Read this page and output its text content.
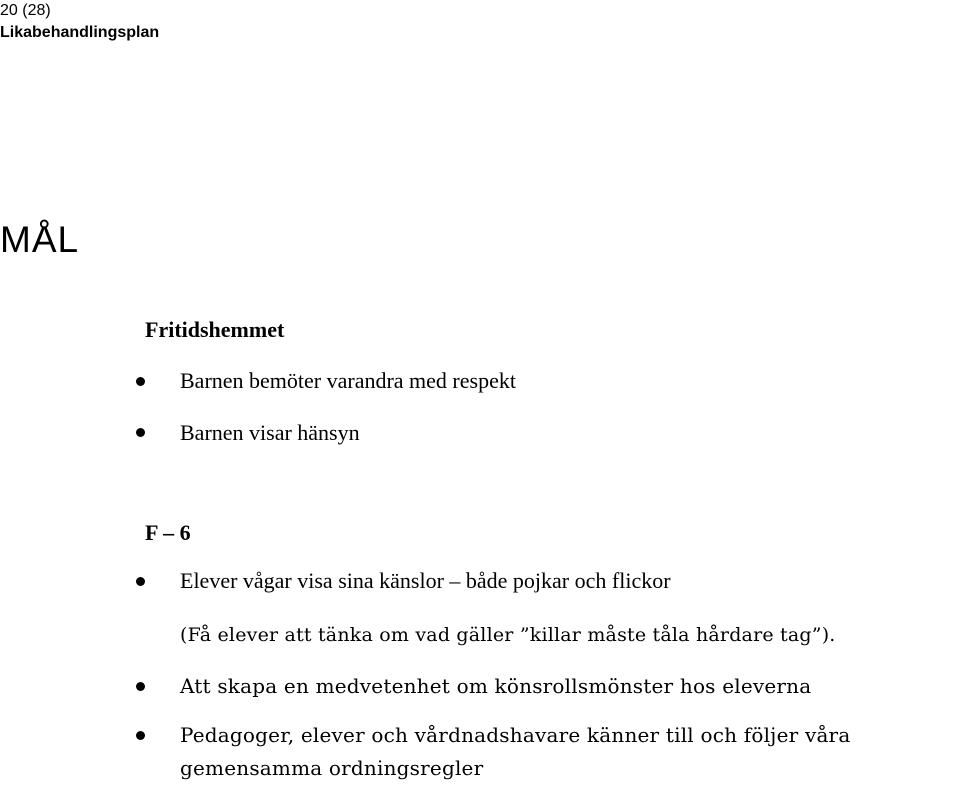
20 (28)
Likabehandlingsplan
MÅL
Fritidshemmet
Barnen bemöter varandra med respekt
Barnen visar hänsyn
F – 6
Elever vågar visa sina känslor – både pojkar och flickor
(Få elever att tänka om vad gäller ”killar måste tåla hårdare tag”).
Att skapa en medvetenhet om könsrollsmönster hos eleverna
Pedagoger, elever och vårdnadshavare känner till och följer våra gemensamma ordningsregler
